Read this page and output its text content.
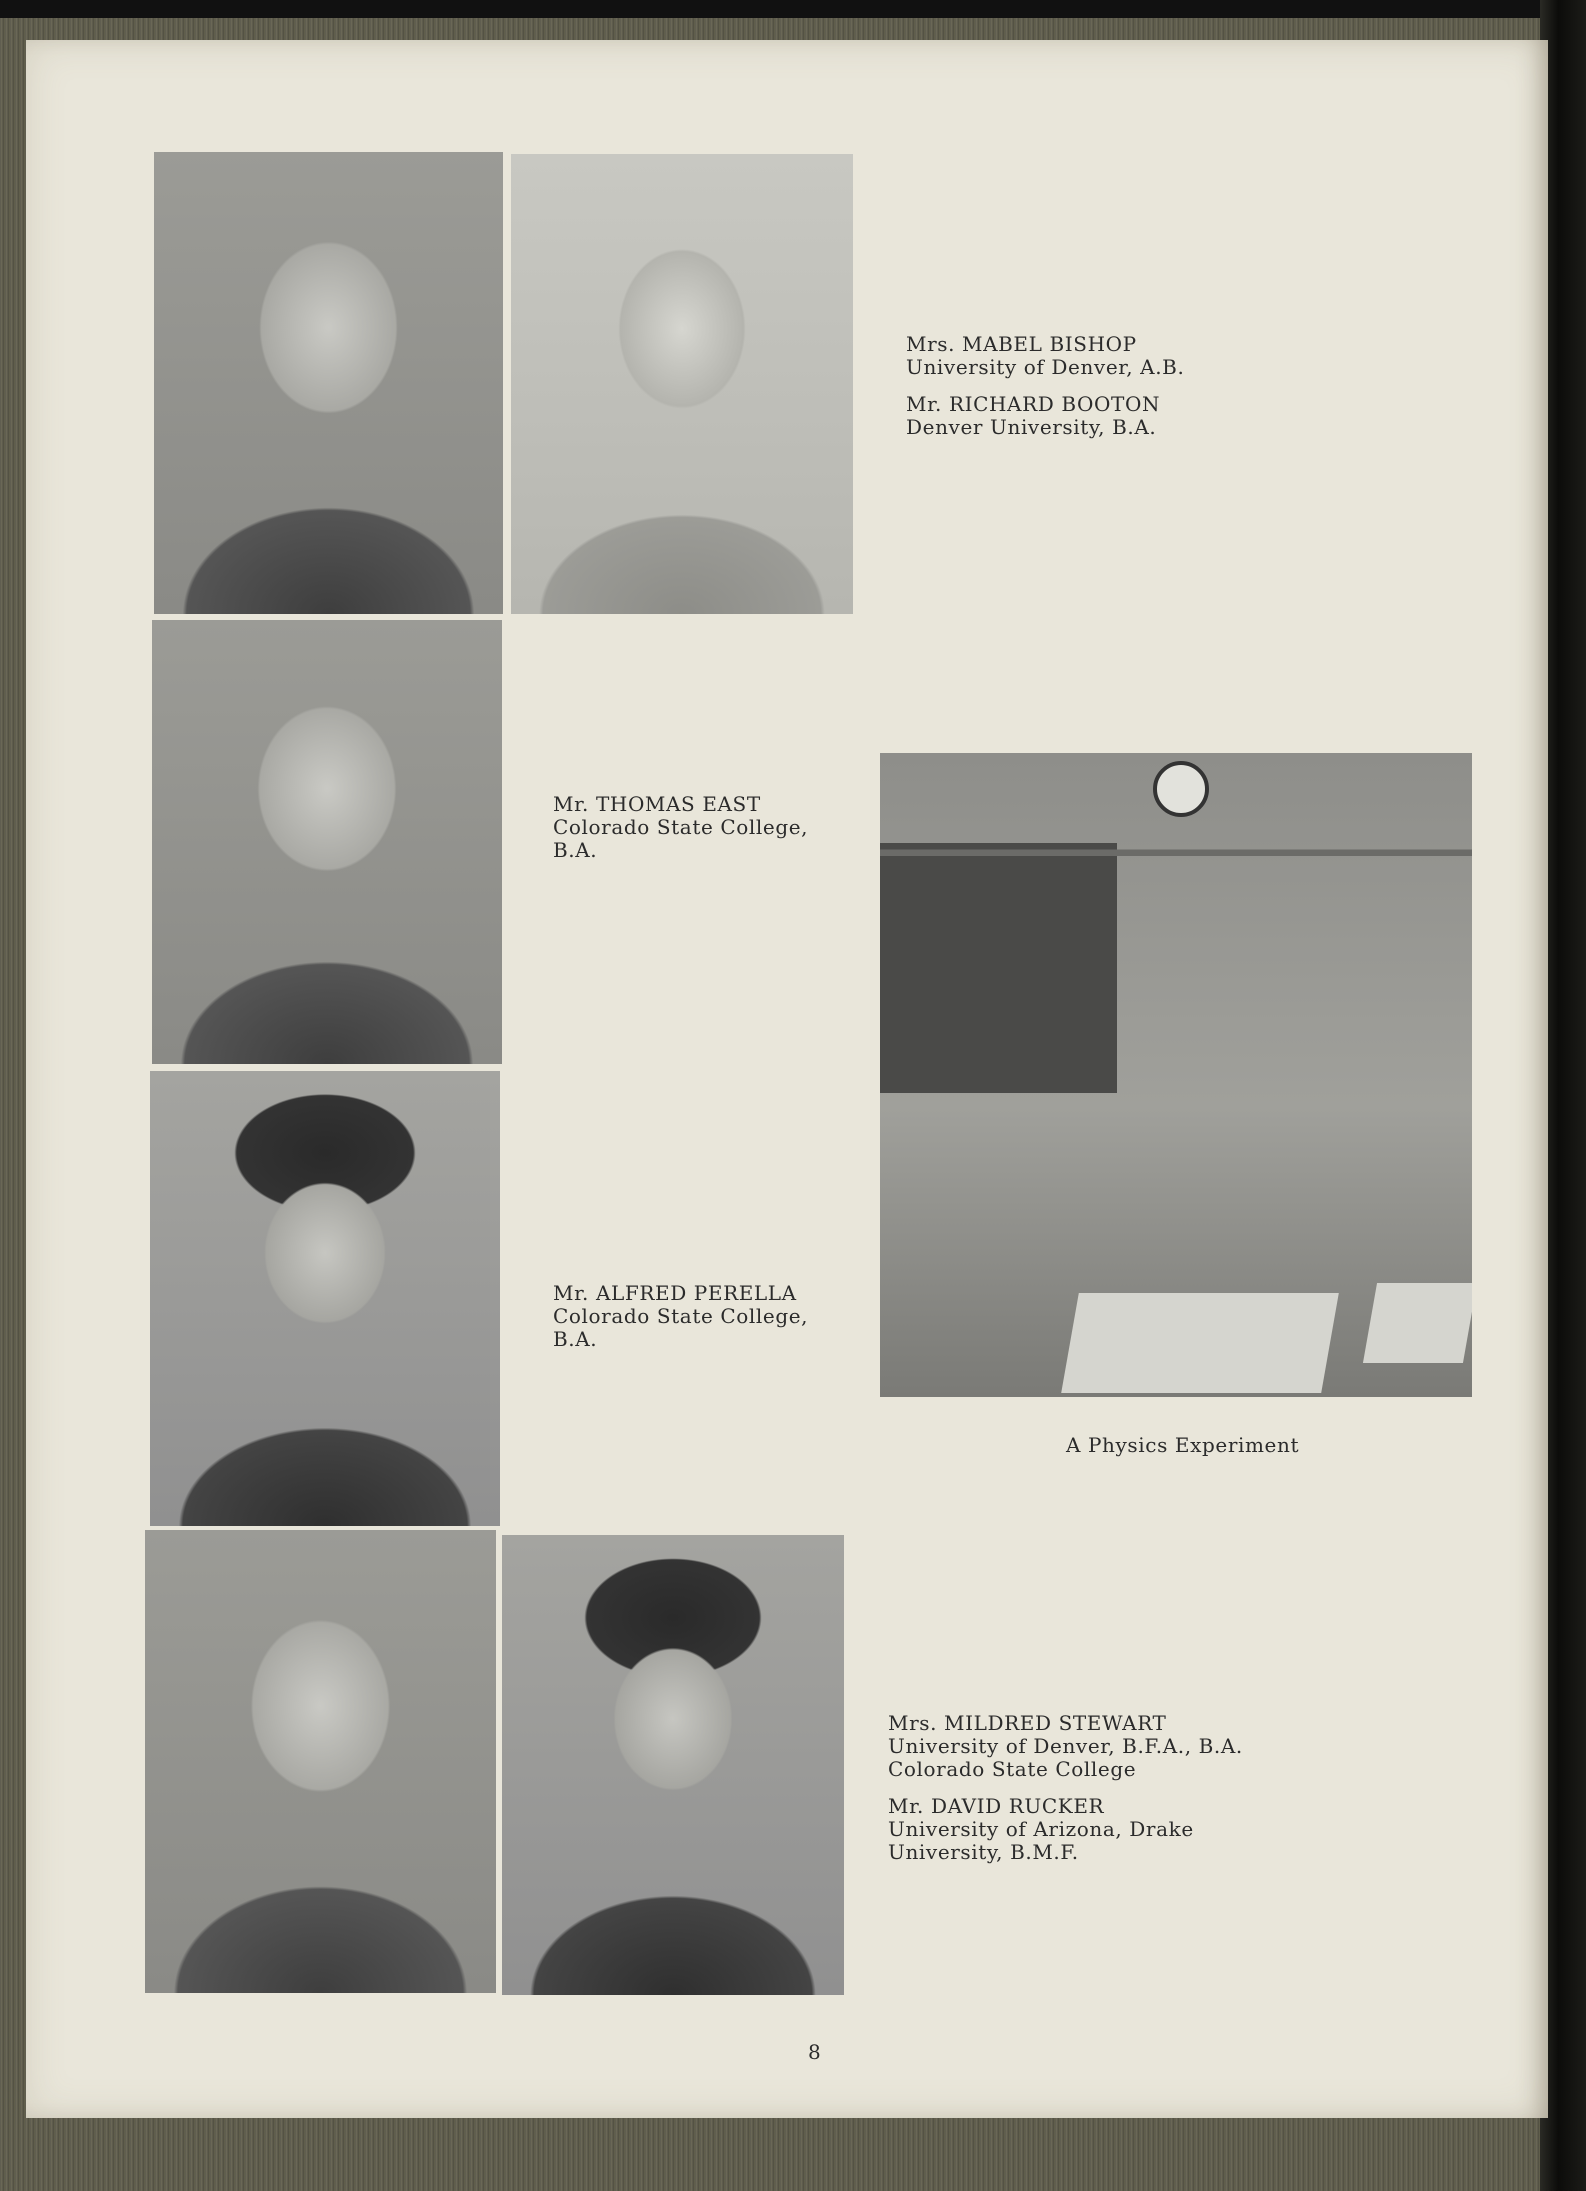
Mrs. MABEL BISHOP
University of Denver, A.B.
Mr. RICHARD BOOTON
Denver University, B.A.
Mr. THOMAS EAST
Colorado State College,
B.A.
A Physics Experiment
Mr. ALFRED PERELLA
Colorado State College,
B.A.
Mrs. MILDRED STEWART
University of Denver, B.F.A., B.A.
Colorado State College
Mr. DAVID RUCKER
University of Arizona, Drake
University, B.M.F.
8
